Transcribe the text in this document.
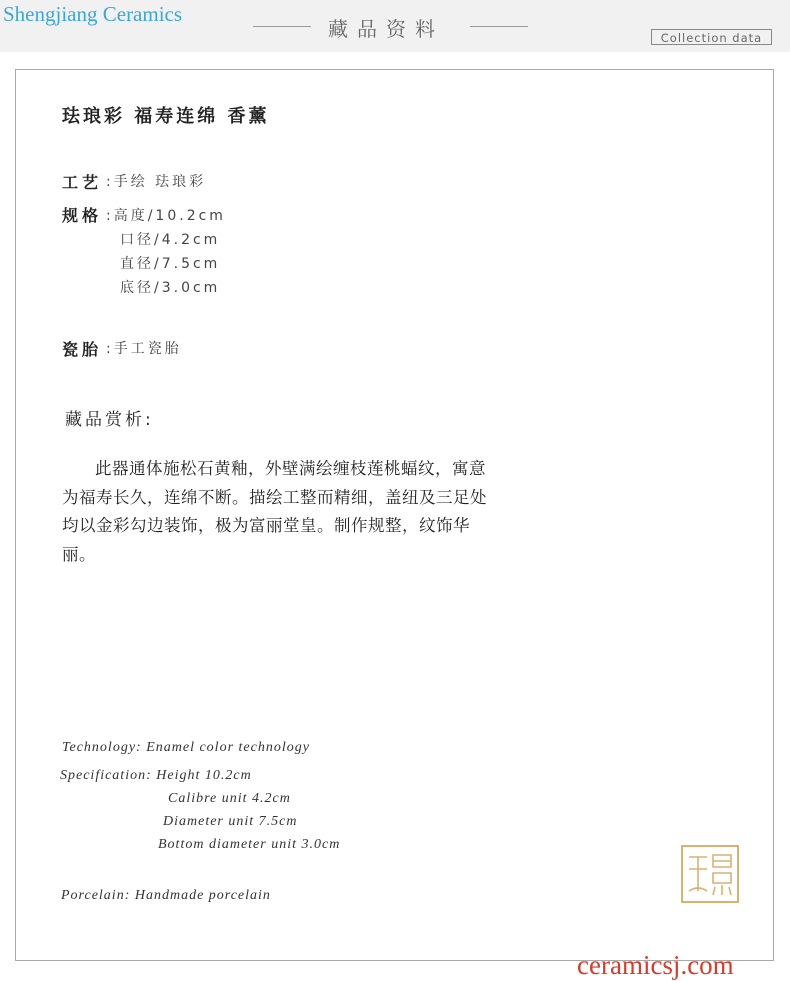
Shengjiang Ceramics
藏品资料	Collection data
珐琅彩 福寿连绵 香薰
工艺 :手绘 珐琅彩
规格 :高度/10.2cm
口径/4.2cm
直径/7.5cm
底径/3.0cm
瓷胎 :手工瓷胎
藏品赏析:
此器通体施松石黄釉，外壁满绘缠枝莲桃蝠纹，寓意为福寿长久，连绵不断。描绘工整而精细，盖纽及三足处均以金彩勾边装饰，极为富丽堂皇。制作规整，纹饰华丽。
Technology: Enamel color technology
Specification: Height 10.2cm
Calibre unit 4.2cm
Diameter unit 7.5cm
Bottom diameter unit 3.0cm
Porcelain: Handmade porcelain
ceramicsj.com
